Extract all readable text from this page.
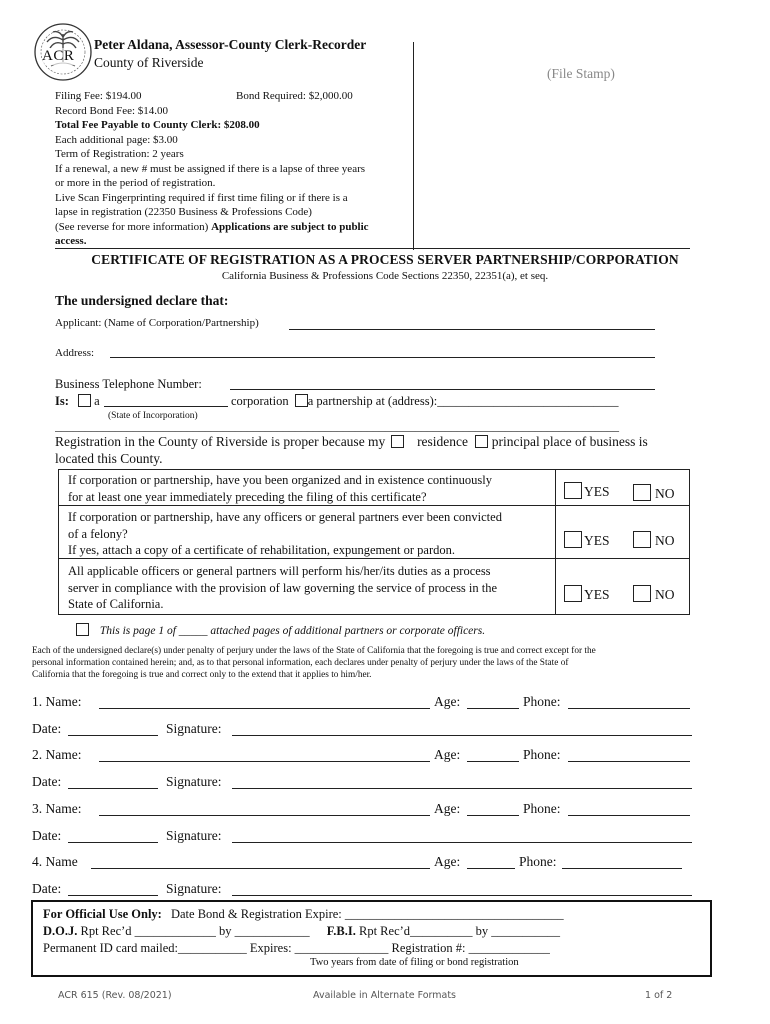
ACR
Peter Aldana, Assessor-County Clerk-Recorder
County of Riverside
(File Stamp)
Filing Fee: $194.00	Bond Required: $2,000.00
Record Bond Fee: $14.00
Total Fee Payable to County Clerk: $208.00
Each additional page: $3.00
Term of Registration: 2 years
If a renewal, a new # must be assigned if there is a lapse of three years
or more in the period of registration.
Live Scan Fingerprinting required if first time filing or if there is a
lapse in registration (22350 Business & Professions Code)
(See reverse for more information) Applications are subject to public
access.
CERTIFICATE OF REGISTRATION AS A PROCESS SERVER PARTNERSHIP/CORPORATION
California Business & Professions Code Sections 22350, 22351(a), et seq.
The undersigned declare that:
Applicant: (Name of Corporation/Partnership)
Address:
Business Telephone Number:
Is: a	corporation a partnership at (address):_____________________________
(State of Incorporation)
______________________________________________________________________________________________
Registration in the County of Riverside is proper because my residence principal place of business is
located this County.
If corporation or partnership, have you been organized and in existence continuously
for at least one year immediately preceding the filing of this certificate?	YES	NO
If corporation or partnership, have any officers or general partners ever been convicted
of a felony?
If yes, attach a copy of a certificate of rehabilitation, expungement or pardon.
YES	NO
All applicable officers or general partners will perform his/her/its duties as a process
server in compliance with the provision of law governing the service of process in the
State of California.
YES	NO
This is page 1 of _____ attached pages of additional partners or corporate officers.
Each of the undersigned declare(s) under penalty of perjury under the laws of the State of California that the foregoing is true and correct except for the
personal information contained herein; and, as to that personal information, each declares under penalty of perjury under the laws of the State of
California that the foregoing is true and correct only to the extend that it applies to him/her.
1. Name:	Age:	Phone:
Date:	Signature:
2. Name:	Age:	Phone:
Date:	Signature:
3. Name:	Age:	Phone:
Date:	Signature:
4. Name	Age:	Phone:
Date:	Signature:
For Official Use Only: Date Bond & Registration Expire: ___________________________________
D.O.J. Rpt Rec’d _____________ by ____________ F.B.I. Rpt Rec’d__________ by ___________
Permanent ID card mailed:___________ Expires: _______________ Registration #: _____________
Two years from date of filing or bond registration
ACR 615 (Rev. 08/2021)	Available in Alternate Formats	1 of 2
